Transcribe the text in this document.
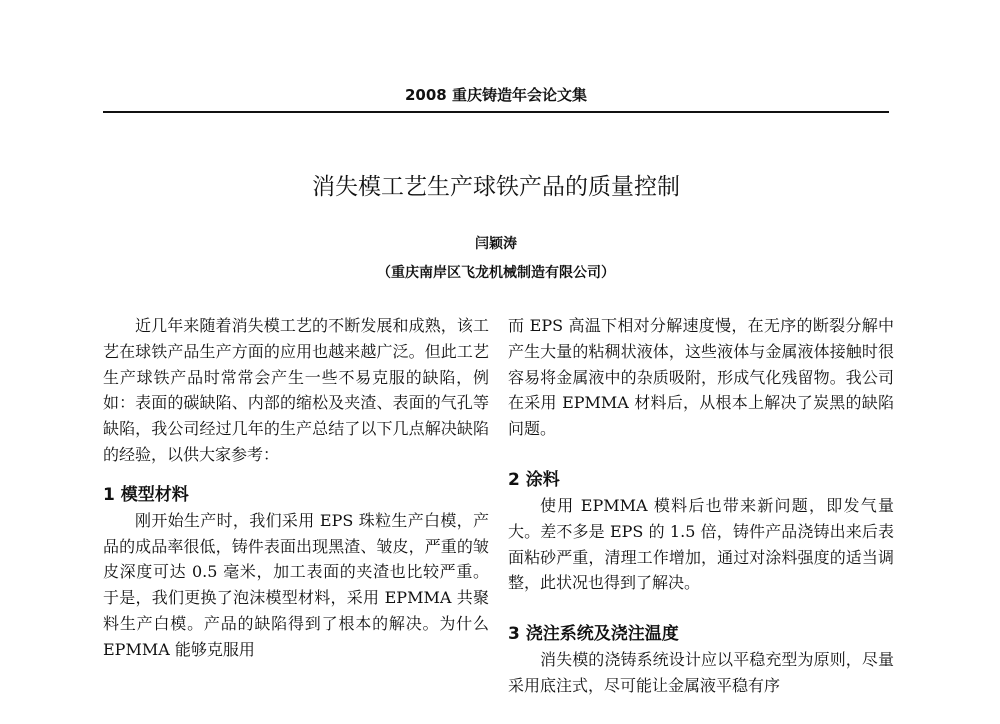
2008 重庆铸造年会论文集
消失模工艺生产球铁产品的质量控制
闫颖涛
（重庆南岸区飞龙机械制造有限公司）

近几年来随着消失模工艺的不断发展和成熟，该工艺在球铁产品生产方面的应用也越来越广泛。但此工艺生产球铁产品时常常会产生一些不易克服的缺陷，例如：表面的碳缺陷、内部的缩松及夹渣、表面的气孔等缺陷，我公司经过几年的生产总结了以下几点解决缺陷的经验，以供大家参考：

1 模型材料

刚开始生产时，我们采用 EPS 珠粒生产白模，产品的成品率很低，铸件表面出现黑渣、皱皮，严重的皱皮深度可达 0.5 毫米，加工表面的夹渣也比较严重。于是，我们更换了泡沫模型材料，采用 EPMMA 共聚料生产白模。产品的缺陷得到了根本的解决。为什么 EPMMA 能够克服用

而 EPS 高温下相对分解速度慢，在无序的断裂分解中产生大量的粘稠状液体，这些液体与金属液体接触时很容易将金属液中的杂质吸附，形成气化残留物。我公司在采用 EPMMA 材料后，从根本上解决了炭黑的缺陷问题。

2 涂料

使用 EPMMA 模料后也带来新问题，即发气量大。差不多是 EPS 的 1.5 倍，铸件产品浇铸出来后表面粘砂严重，清理工作增加，通过对涂料强度的适当调整，此状况也得到了解决。

3 浇注系统及浇注温度

消失模的浇铸系统设计应以平稳充型为原则，尽量采用底注式，尽可能让金属液平稳有序
